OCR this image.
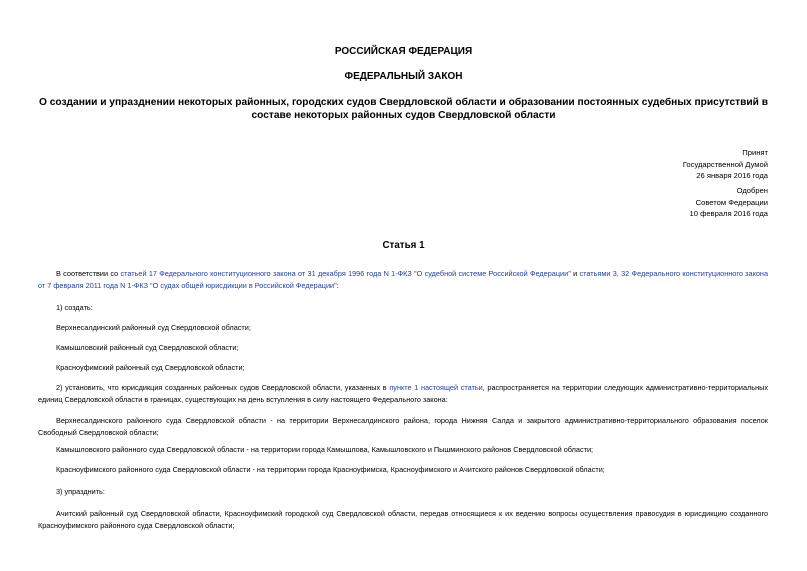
РОССИЙСКАЯ ФЕДЕРАЦИЯ
ФЕДЕРАЛЬНЫЙ ЗАКОН
О создании и упразднении некоторых районных, городских судов Свердловской области и образовании постоянных судебных присутствий в составе некоторых районных судов Свердловской области
Принят
Государственной Думой
26 января 2016 года
Одобрен
Советом Федерации
10 февраля 2016 года
Статья 1
В соответствии со статьей 17 Федерального конституционного закона от 31 декабря 1996 года N 1-ФКЗ "О судебной системе Российской Федерации" и статьями 3, 32 Федерального конституционного закона от 7 февраля 2011 года N 1-ФКЗ "О судах общей юрисдикции в Российской Федерации":
1) создать:
Верхнесалдинский районный суд Свердловской области;
Камышловский районный суд Свердловской области;
Красноуфимский районный суд Свердловской области;
2) установить, что юрисдикция созданных районных судов Свердловской области, указанных в пункте 1 настоящей статьи, распространяется на территории следующих административно-территориальных единиц Свердловской области в границах, существующих на день вступления в силу настоящего Федерального закона:
Верхнесалдинского районного суда Свердловской области - на территории Верхнесалдинского района, города Нижняя Салда и закрытого административно-территориального образования поселок Свободный Свердловской области;
Камышловского районного суда Свердловской области - на территории города Камышлова, Камышловского и Пышминского районов Свердловской области;
Красноуфимского районного суда Свердловской области - на территории города Красноуфимска, Красноуфимского и Ачитского районов Свердловской области;
3) упразднить:
Ачитский районный суд Свердловской области, Красноуфимский городской суд Свердловской области, передав относящиеся к их ведению вопросы осуществления правосудия в юрисдикцию созданного Красноуфимского районного суда Свердловской области;
